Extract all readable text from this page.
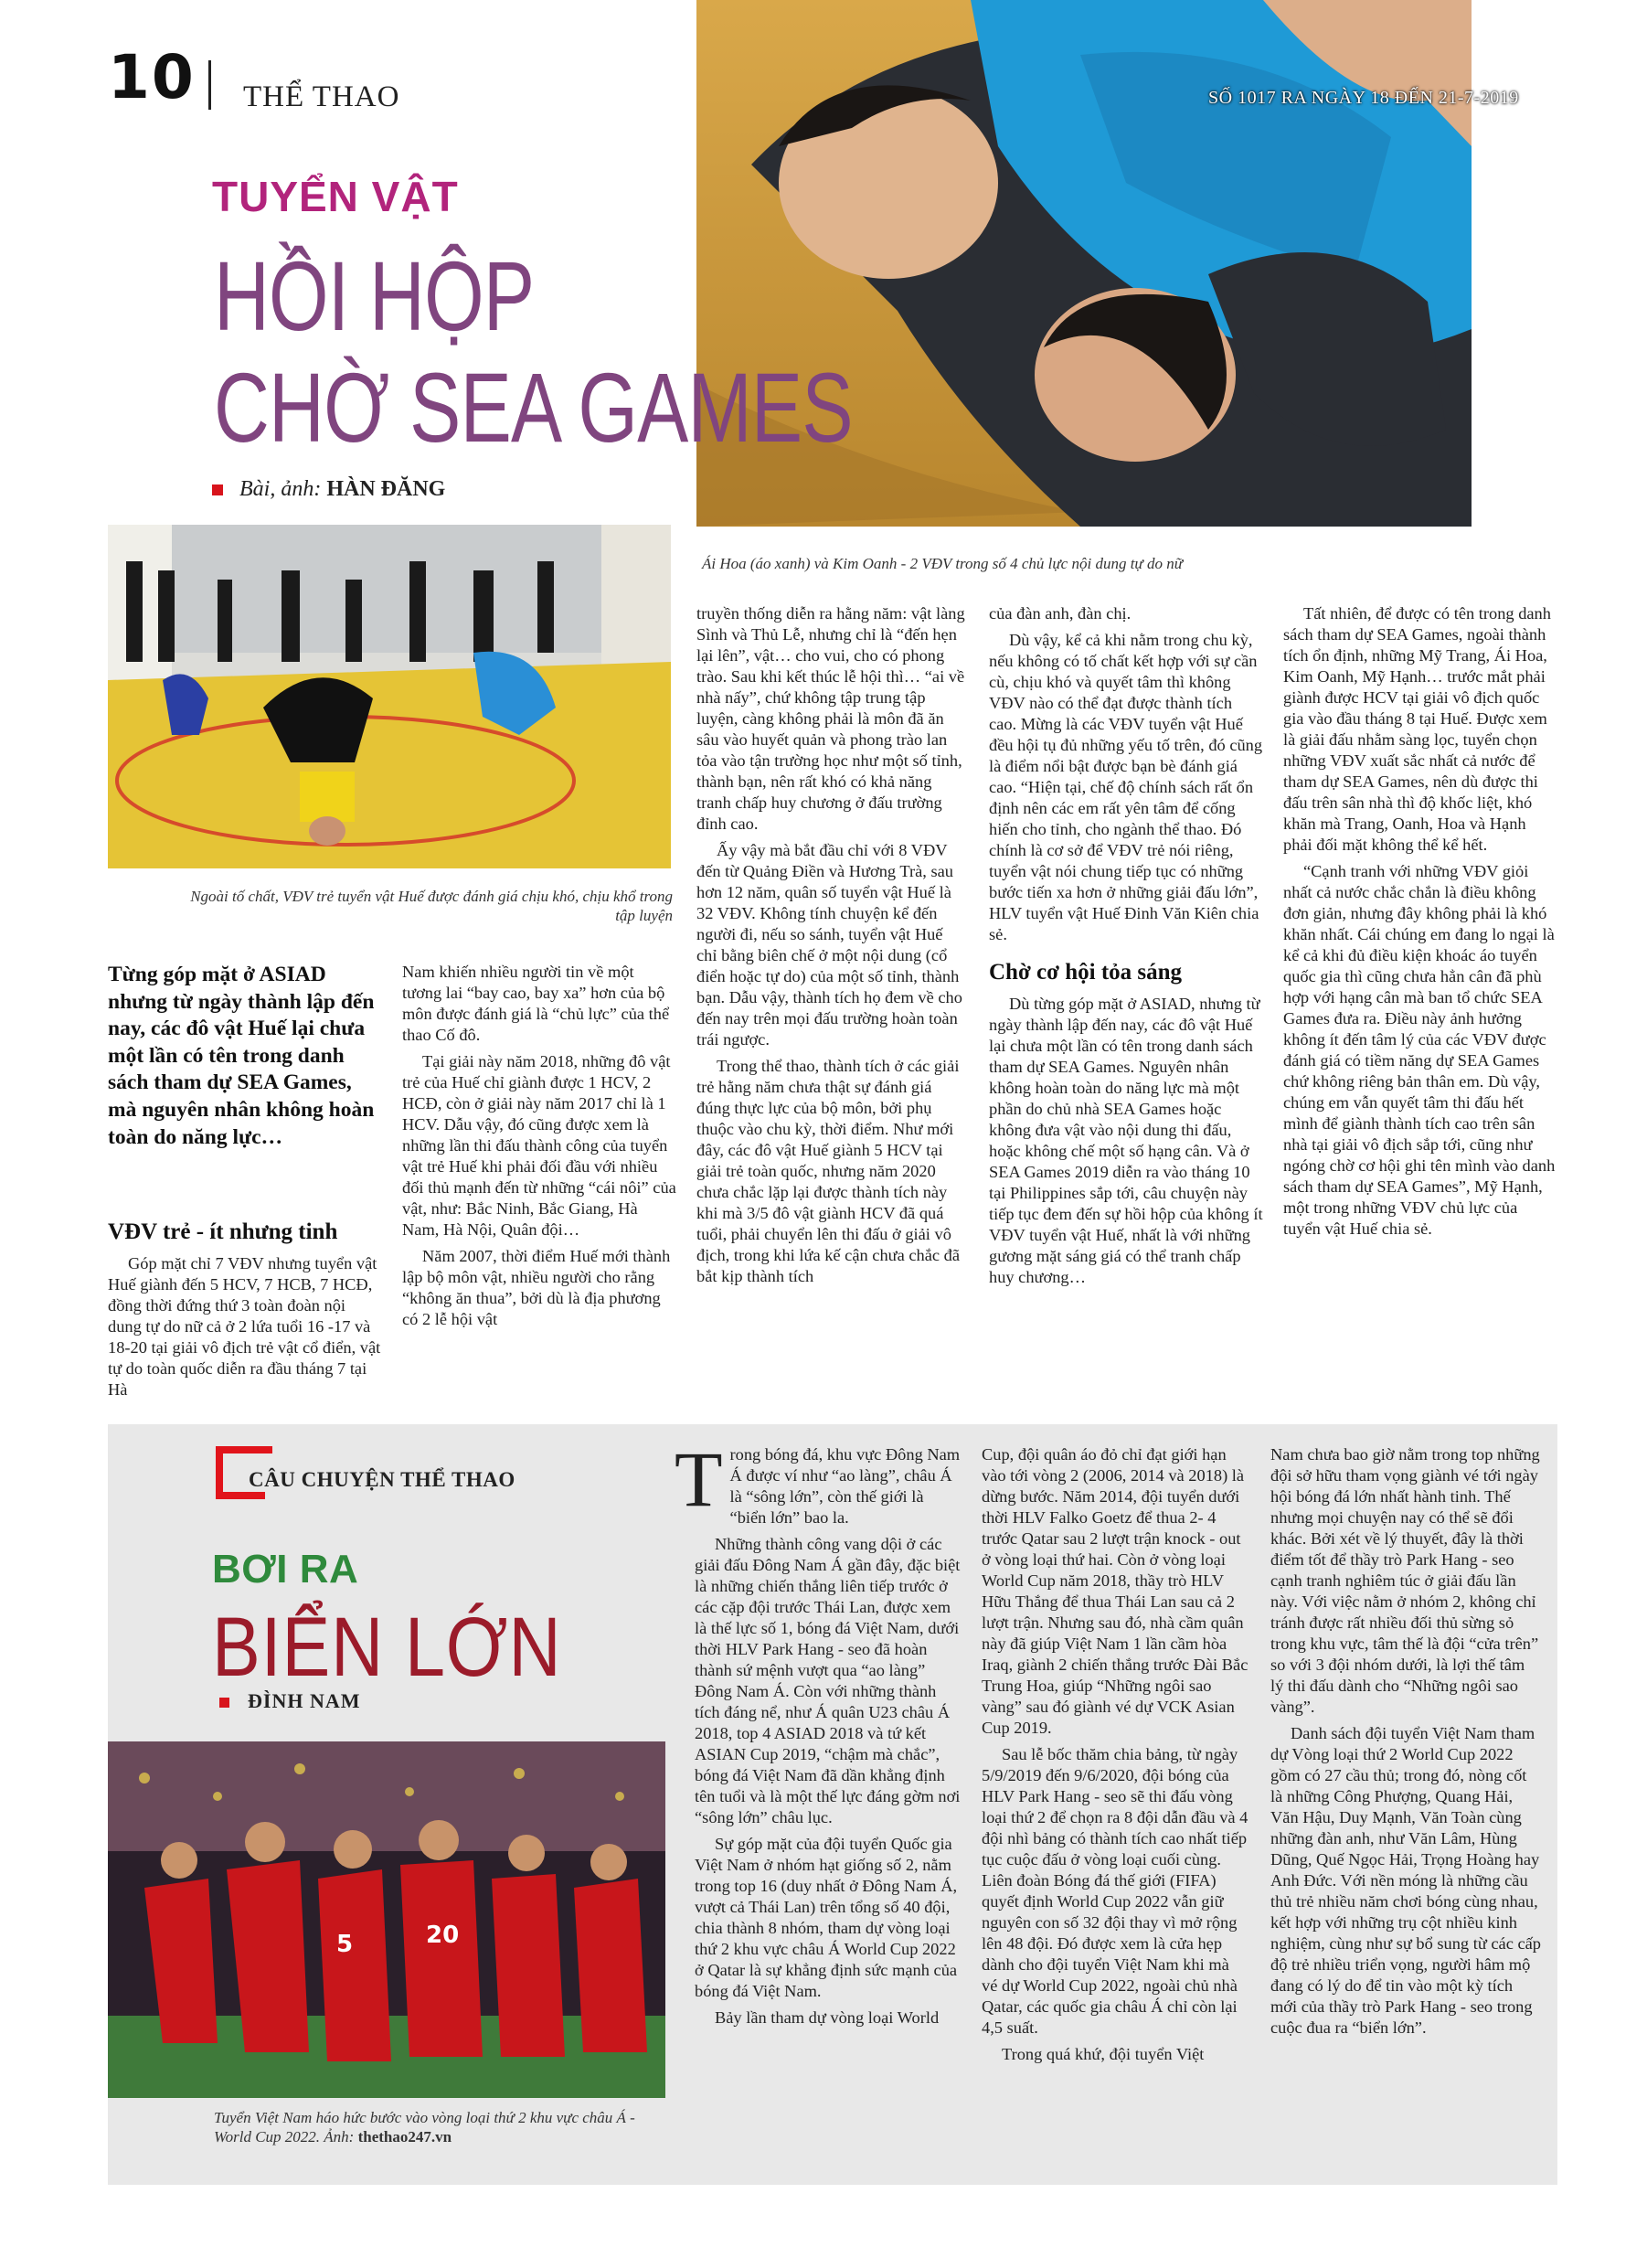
10 THỂ THAO	SỐ 1017 RA NGÀY 18 ĐẾN 21-7-2019
TUYỂN VẬT
HỒI HỘP
CHỜ SEA GAMES
Bài, ảnh: HÀN ĐĂNG
Ái Hoa (áo xanh) và Kim Oanh - 2 VĐV trong số 4 chủ lực nội dung tự do nữ
Ngoài tố chất, VĐV trẻ tuyển vật Huế được đánh giá chịu khó, chịu khổ trong tập luyện
Từng góp mặt ở ASIAD nhưng từ ngày thành lập đến nay, các đô vật Huế lại chưa một lần có tên trong danh sách tham dự SEA Games, mà nguyên nhân không hoàn toàn do năng lực…
VĐV trẻ - ít nhưng tinh

Góp mặt chỉ 7 VĐV nhưng tuyển vật Huế giành đến 5 HCV, 7 HCB, 7 HCĐ, đồng thời đứng thứ 3 toàn đoàn nội dung tự do nữ cả ở 2 lứa tuổi 16 -17 và 18-20 tại giải vô địch trẻ vật cổ điển, vật tự do toàn quốc diễn ra đầu tháng 7 tại Hà

Nam khiến nhiều người tin về một tương lai “bay cao, bay xa” hơn của bộ môn được đánh giá là “chủ lực” của thể thao Cố đô.

Tại giải này năm 2018, những đô vật trẻ của Huế chỉ giành được 1 HCV, 2 HCĐ, còn ở giải này năm 2017 chỉ là 1 HCV. Dẫu vậy, đó cũng được xem là những lần thi đấu thành công của tuyển vật trẻ Huế khi phải đối đầu với nhiều đối thủ mạnh đến từ những “cái nôi” của vật, như: Bắc Ninh, Bắc Giang, Hà Nam, Hà Nội, Quân đội…

Năm 2007, thời điểm Huế mới thành lập bộ môn vật, nhiều người cho rằng “không ăn thua”, bởi dù là địa phương có 2 lễ hội vật

truyền thống diễn ra hằng năm: vật làng Sình và Thủ Lễ, nhưng chỉ là “đến hẹn lại lên”, vật… cho vui, cho có phong trào. Sau khi kết thúc lễ hội thì… “ai về nhà nấy”, chứ không tập trung tập luyện, càng không phải là môn đã ăn sâu vào huyết quản và phong trào lan tỏa vào tận trường học như một số tỉnh, thành bạn, nên rất khó có khả năng tranh chấp huy chương ở đấu trường đỉnh cao.

Ấy vậy mà bắt đầu chỉ với 8 VĐV đến từ Quảng Điền và Hương Trà, sau hơn 12 năm, quân số tuyển vật Huế là 32 VĐV. Không tính chuyện kể đến người đi, nếu so sánh, tuyển vật Huế chỉ bằng biên chế ở một nội dung (cổ điển hoặc tự do) của một số tỉnh, thành bạn. Dẫu vậy, thành tích họ đem về cho đến nay trên mọi đấu trường hoàn toàn trái ngược.

Trong thể thao, thành tích ở các giải trẻ hằng năm chưa thật sự đánh giá đúng thực lực của bộ môn, bởi phụ thuộc vào chu kỳ, thời điểm. Như mới đây, các đô vật Huế giành 5 HCV tại giải trẻ toàn quốc, nhưng năm 2020 chưa chắc lặp lại được thành tích này khi mà 3/5 đô vật giành HCV đã quá tuổi, phải chuyển lên thi đấu ở giải vô địch, trong khi lứa kế cận chưa chắc đã bắt kịp thành tích

của đàn anh, đàn chị.

Dù vậy, kể cả khi nằm trong chu kỳ, nếu không có tố chất kết hợp với sự cần cù, chịu khó và quyết tâm thì không VĐV nào có thể đạt được thành tích cao. Mừng là các VĐV tuyển vật Huế đều hội tụ đủ những yếu tố trên, đó cũng là điểm nổi bật được bạn bè đánh giá cao. “Hiện tại, chế độ chính sách rất ổn định nên các em rất yên tâm để cống hiến cho tỉnh, cho ngành thể thao. Đó chính là cơ sở để VĐV trẻ nói riêng, tuyển vật nói chung tiếp tục có những bước tiến xa hơn ở những giải đấu lớn”, HLV tuyển vật Huế Đinh Văn Kiên chia sẻ.

Chờ cơ hội tỏa sáng

Dù từng góp mặt ở ASIAD, nhưng từ ngày thành lập đến nay, các đô vật Huế lại chưa một lần có tên trong danh sách tham dự SEA Games. Nguyên nhân không hoàn toàn do năng lực mà một phần do chủ nhà SEA Games hoặc không đưa vật vào nội dung thi đấu, hoặc không chế một số hạng cân. Và ở SEA Games 2019 diễn ra vào tháng 10 tại Philippines sắp tới, câu chuyện này tiếp tục đem đến sự hồi hộp của không ít VĐV tuyển vật Huế, nhất là với những gương mặt sáng giá có thể tranh chấp huy chương…

Tất nhiên, để được có tên trong danh sách tham dự SEA Games, ngoài thành tích ổn định, những Mỹ Trang, Ái Hoa, Kim Oanh, Mỹ Hạnh… trước mắt phải giành được HCV tại giải vô địch quốc gia vào đầu tháng 8 tại Huế. Được xem là giải đấu nhằm sàng lọc, tuyển chọn những VĐV xuất sắc nhất cả nước để tham dự SEA Games, nên dù được thi đấu trên sân nhà thì độ khốc liệt, khó khăn mà Trang, Oanh, Hoa và Hạnh phải đối mặt không thể kể hết.

“Cạnh tranh với những VĐV giỏi nhất cả nước chắc chắn là điều không đơn giản, nhưng đây không phải là khó khăn nhất. Cái chúng em đang lo ngại là kể cả khi đủ điều kiện khoác áo tuyển quốc gia thì cũng chưa hẳn cân đã phù hợp với hạng cân mà ban tổ chức SEA Games đưa ra. Điều này ảnh hưởng không ít đến tâm lý của các VĐV được đánh giá có tiềm năng dự SEA Games chứ không riêng bản thân em. Dù vậy, chúng em vẫn quyết tâm thi đấu hết mình để giành thành tích cao trên sân nhà tại giải vô địch sắp tới, cũng như ngóng chờ cơ hội ghi tên mình vào danh sách tham dự SEA Games”, Mỹ Hạnh, một trong những VĐV chủ lực của tuyển vật Huế chia sẻ.

CÂU CHUYỆN THỂ THAO
BƠI RA
BIỂN LỚN
ĐÌNH NAM
5	20
Tuyển Việt Nam háo hức bước vào vòng loại thứ 2 khu vực châu Á - World Cup 2022. Ảnh: thethao247.vn

Trong bóng đá, khu vực Đông Nam Á được ví như “ao làng”, châu Á là “sông lớn”, còn thế giới là “biển lớn” bao la.

Những thành công vang dội ở các giải đấu Đông Nam Á gần đây, đặc biệt là những chiến thắng liên tiếp trước ở các cặp đội trước Thái Lan, được xem là thế lực số 1, bóng đá Việt Nam, dưới thời HLV Park Hang - seo đã hoàn thành sứ mệnh vượt qua “ao làng” Đông Nam Á. Còn với những thành tích đáng nể, như Á quân U23 châu Á 2018, top 4 ASIAD 2018 và tứ kết ASIAN Cup 2019, “chậm mà chắc”, bóng đá Việt Nam đã dần khẳng định tên tuổi và là một thế lực đáng gờm nơi “sông lớn” châu lục.

Sự góp mặt của đội tuyển Quốc gia Việt Nam ở nhóm hạt giống số 2, nằm trong top 16 (duy nhất ở Đông Nam Á, vượt cả Thái Lan) trên tổng số 40 đội, chia thành 8 nhóm, tham dự vòng loại thứ 2 khu vực châu Á World Cup 2022 ở Qatar là sự khẳng định sức mạnh của bóng đá Việt Nam.

Bảy lần tham dự vòng loại World

Cup, đội quân áo đỏ chỉ đạt giới hạn vào tới vòng 2 (2006, 2014 và 2018) là dừng bước. Năm 2014, đội tuyển dưới thời HLV Falko Goetz để thua 2- 4 trước Qatar sau 2 lượt trận knock - out ở vòng loại thứ hai. Còn ở vòng loại World Cup năm 2018, thầy trò HLV Hữu Thắng để thua Thái Lan sau cả 2 lượt trận. Nhưng sau đó, nhà cầm quân này đã giúp Việt Nam 1 lần cầm hòa Iraq, giành 2 chiến thắng trước Đài Bắc Trung Hoa, giúp “Những ngôi sao vàng” sau đó giành vé dự VCK Asian Cup 2019.

Sau lễ bốc thăm chia bảng, từ ngày 5/9/2019 đến 9/6/2020, đội bóng của HLV Park Hang - seo sẽ thi đấu vòng loại thứ 2 để chọn ra 8 đội dẫn đầu và 4 đội nhì bảng có thành tích cao nhất tiếp tục cuộc đấu ở vòng loại cuối cùng. Liên đoàn Bóng đá thế giới (FIFA) quyết định World Cup 2022 vẫn giữ nguyên con số 32 đội thay vì mở rộng lên 48 đội. Đó được xem là cửa hẹp dành cho đội tuyển Việt Nam khi mà vé dự World Cup 2022, ngoài chủ nhà Qatar, các quốc gia châu Á chỉ còn lại 4,5 suất.

Trong quá khứ, đội tuyển Việt

Nam chưa bao giờ nằm trong top những đội sở hữu tham vọng giành vé tới ngày hội bóng đá lớn nhất hành tinh. Thế nhưng mọi chuyện nay có thể sẽ đổi khác. Bởi xét về lý thuyết, đây là thời điểm tốt để thầy trò Park Hang - seo cạnh tranh nghiêm túc ở giải đấu lần này. Với việc nằm ở nhóm 2, không chỉ tránh được rất nhiều đối thủ sừng sỏ trong khu vực, tâm thế là đội “cửa trên” so với 3 đội nhóm dưới, là lợi thế tâm lý thi đấu dành cho “Những ngôi sao vàng”.

Danh sách đội tuyển Việt Nam tham dự Vòng loại thứ 2 World Cup 2022 gồm có 27 cầu thủ; trong đó, nòng cốt là những Công Phượng, Quang Hải, Văn Hậu, Duy Mạnh, Văn Toàn cùng những đàn anh, như Văn Lâm, Hùng Dũng, Quế Ngọc Hải, Trọng Hoàng hay Anh Đức. Với nền móng là những cầu thủ trẻ nhiều năm chơi bóng cùng nhau, kết hợp với những trụ cột nhiều kinh nghiệm, cùng như sự bổ sung từ các cấp độ trẻ nhiều triển vọng, người hâm mộ đang có lý do để tin vào một kỳ tích mới của thầy trò Park Hang - seo trong cuộc đua ra “biển lớn”.
